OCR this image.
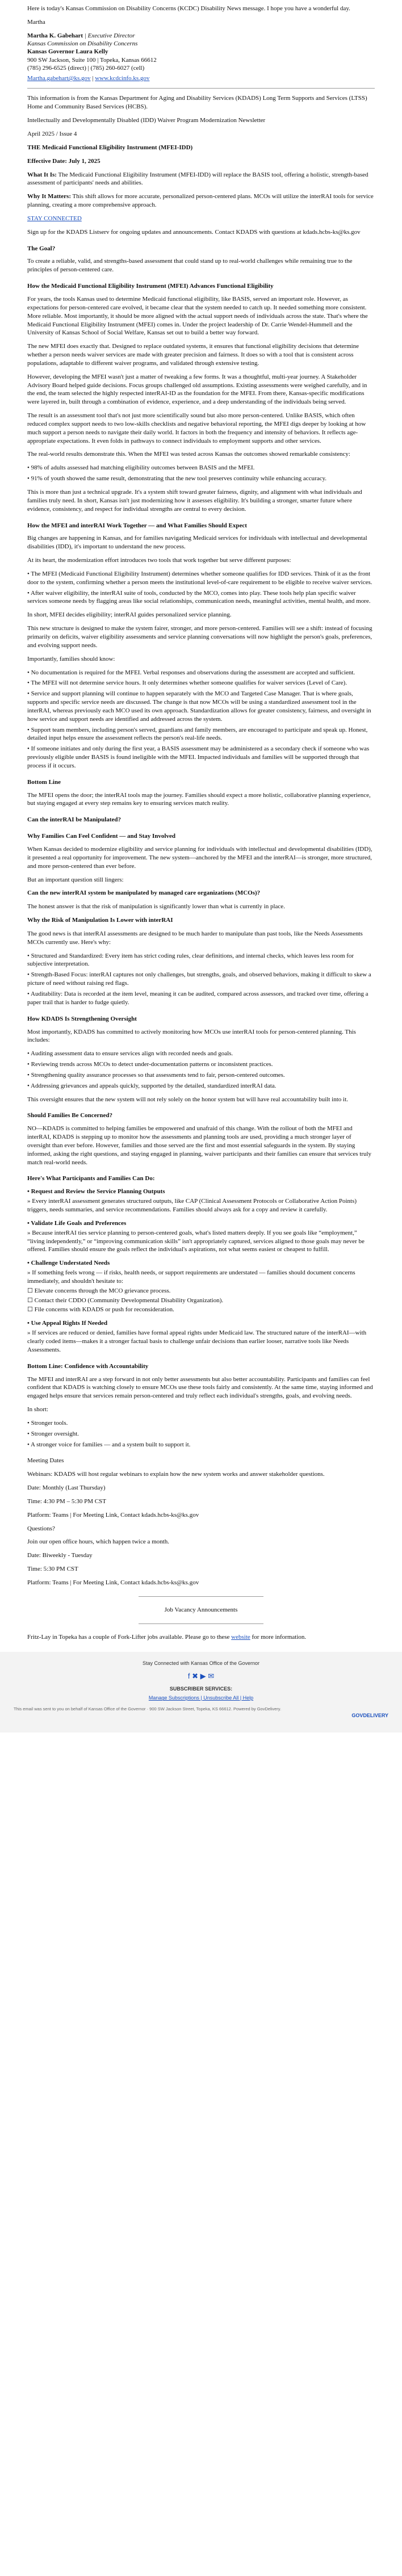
Here is today's Kansas Commission on Disability Concerns (KCDC) Disability News message. I hope you have a wonderful day.

Martha

Martha K. Gabehart | Executive Director

Kansas Commission on Disability Concerns

Kansas Governor Laura Kelly

900 SW Jackson, Suite 100 | Topeka, Kansas 66612

(785) 296-6525 (direct) | (785) 260-6027 (cell)

Martha.gabehart@ks.gov | www.kcdcinfo.ks.gov

This information is from the Kansas Department for Aging and Disability Services (KDADS) Long Term Supports and Services (LTSS) Home and Community Based Services (HCBS).

Intellectually and Developmentally Disabled (IDD) Waiver Program Modernization Newsletter

April 2025 / Issue 4

THE Medicaid Functional Eligibility Instrument (MFEI-IDD)

Effective Date: July 1, 2025

What It Is: The Medicaid Functional Eligibility Instrument (MFEI-IDD) will replace the BASIS tool, offering a holistic, strength-based assessment of participants' needs and abilities.

Why It Matters: This shift allows for more accurate, personalized person-centered plans. MCOs will utilize the interRAI tools for service planning, creating a more comprehensive approach.

STAY CONNECTED

Sign up for the KDADS Listserv for ongoing updates and announcements. Contact KDADS with questions at kdads.hcbs-ks@ks.gov

The Goal?

To create a reliable, valid, and strengths-based assessment that could stand up to real-world challenges while remaining true to the principles of person-centered care.

How the Medicaid Functional Eligibility Instrument (MFEI) Advances Functional Eligibility

For years, the tools Kansas used to determine Medicaid functional eligibility, like BASIS, served an important role. However, as expectations for person-centered care evolved, it became clear that the system needed to catch up. It needed something more consistent. More reliable. Most importantly, it should be more aligned with the actual support needs of individuals across the state. That's where the Medicaid Functional Eligibility Instrument (MFEI) comes in. Under the project leadership of Dr. Carrie Wendel-Hummell and the University of Kansas School of Social Welfare, Kansas set out to build a better way forward.

The new MFEI does exactly that. Designed to replace outdated systems, it ensures that functional eligibility decisions that determine whether a person needs waiver services are made with greater precision and fairness. It does so with a tool that is consistent across populations, adaptable to different waiver programs, and validated through extensive testing.

However, developing the MFEI wasn't just a matter of tweaking a few forms. It was a thoughtful, multi-year journey. A Stakeholder Advisory Board helped guide decisions. Focus groups challenged old assumptions. Existing assessments were weighed carefully, and in the end, the team selected the highly respected interRAI-ID as the foundation for the MFEI. From there, Kansas-specific modifications were layered in, built through a combination of evidence, experience, and a deep understanding of the individuals being served.

The result is an assessment tool that's not just more scientifically sound but also more person-centered. Unlike BASIS, which often reduced complex support needs to two low-skills checklists and negative behavioral reporting, the MFEI digs deeper by looking at how much support a person needs to navigate their daily world. It factors in both the frequency and intensity of behaviors. It reflects age-appropriate expectations. It even folds in pathways to connect individuals to employment supports and other services.

The real-world results demonstrate this. When the MFEI was tested across Kansas the outcomes showed remarkable consistency:

• 98% of adults assessed had matching eligibility outcomes between BASIS and the MFEI.
• 91% of youth showed the same result, demonstrating that the new tool preserves continuity while enhancing accuracy.

This is more than just a technical upgrade. It's a system shift toward greater fairness, dignity, and alignment with what individuals and families truly need. In short, Kansas isn't just modernizing how it assesses eligibility. It's building a stronger, smarter future where evidence, consistency, and respect for individual strengths are central to every decision.

How the MFEI and interRAI Work Together — and What Families Should Expect

Big changes are happening in Kansas, and for families navigating Medicaid services for individuals with intellectual and developmental disabilities (IDD), it's important to understand the new process.

At its heart, the modernization effort introduces two tools that work together but serve different purposes:

• The MFEI (Medicaid Functional Eligibility Instrument) determines whether someone qualifies for IDD services. Think of it as the front door to the system, confirming whether a person meets the institutional level-of-care requirement to be eligible to receive waiver services.
• After waiver eligibility, the interRAI suite of tools, conducted by the MCO, comes into play. These tools help plan specific waiver services someone needs by flagging areas like social relationships, communication needs, meaningful activities, mental health, and more.

In short, MFEI decides eligibility; interRAI guides personalized service planning.

This new structure is designed to make the system fairer, stronger, and more person-centered. Families will see a shift: instead of focusing primarily on deficits, waiver eligibility assessments and service planning conversations will now highlight the person's goals, preferences, and evolving support needs.

Importantly, families should know:

• No documentation is required for the MFEI. Verbal responses and observations during the assessment are accepted and sufficient.
• The MFEI will not determine service hours. It only determines whether someone qualifies for waiver services (Level of Care).
• Service and support planning will continue to happen separately with the MCO and Targeted Case Manager. That is where goals, supports and specific service needs are discussed. The change is that now MCOs will be using a standardized assessment tool in the interRAI, whereas previously each MCO used its own approach. Standardization allows for greater consistency, fairness, and oversight in how service and support needs are identified and addressed across the system.
• Support team members, including person's served, guardians and family members, are encouraged to participate and speak up. Honest, detailed input helps ensure the assessment reflects the person's real-life needs.
• If someone initiates and only during the first year, a BASIS assessment may be administered as a secondary check if someone who was previously eligible under BASIS is found ineligible with the MFEI. Impacted individuals and families will be supported through that process if it occurs.
Bottom Line

The MFEI opens the door; the interRAI tools map the journey. Families should expect a more holistic, collaborative planning experience, but staying engaged at every step remains key to ensuring services match reality.

Can the interRAI be Manipulated?
Why Families Can Feel Confident — and Stay Involved

When Kansas decided to modernize eligibility and service planning for individuals with intellectual and developmental disabilities (IDD), it presented a real opportunity for improvement. The new system—anchored by the MFEI and the interRAI—is stronger, more structured, and more person-centered than ever before.

But an important question still lingers:

Can the new interRAI system be manipulated by managed care organizations (MCOs)?

The honest answer is that the risk of manipulation is significantly lower than what is currently in place.

Why the Risk of Manipulation Is Lower with interRAI

The good news is that interRAI assessments are designed to be much harder to manipulate than past tools, like the Needs Assessments MCOs currently use. Here's why:

• Structured and Standardized: Every item has strict coding rules, clear definitions, and internal checks, which leaves less room for subjective interpretation.
• Strength-Based Focus: interRAI captures not only challenges, but strengths, goals, and observed behaviors, making it difficult to skew a picture of need without raising red flags.
• Auditability: Data is recorded at the item level, meaning it can be audited, compared across assessors, and tracked over time, offering a paper trail that is harder to fudge quietly.
How KDADS Is Strengthening Oversight

Most importantly, KDADS has committed to actively monitoring how MCOs use interRAI tools for person-centered planning. This includes:

• Auditing assessment data to ensure services align with recorded needs and goals.
• Reviewing trends across MCOs to detect under-documentation patterns or inconsistent practices.
• Strengthening quality assurance processes so that assessments tend to fair, person-centered outcomes.
• Addressing grievances and appeals quickly, supported by the detailed, standardized interRAI data.

This oversight ensures that the new system will not rely solely on the honor system but will have real accountability built into it.

Should Families Be Concerned?

NO—KDADS is committed to helping families be empowered and unafraid of this change. With the rollout of both the MFEI and interRAI, KDADS is stepping up to monitor how the assessments and planning tools are used, providing a much stronger layer of oversight than ever before. However, families and those served are the first and most essential safeguards in the system. By staying informed, asking the right questions, and staying engaged in planning, waiver participants and their families can ensure that services truly match real-world needs.

Here's What Participants and Families Can Do:

• Request and Review the Service Planning Outputs

» Every interRAI assessment generates structured outputs, like CAP (Clinical Assessment Protocols or Collaborative Action Points) triggers, needs summaries, and service recommendations. Families should always ask for a copy and review it carefully.

• Validate Life Goals and Preferences

» Because interRAI ties service planning to person-centered goals, what's listed matters deeply. If you see goals like “employment,” “living independently,” or “improving communication skills” isn't appropriately captured, services aligned to those goals may never be offered. Families should ensure the goals reflect the individual's aspirations, not what seems easiest or cheapest to fulfill.

• Challenge Understated Needs

» If something feels wrong — if risks, health needs, or support requirements are understated — families should document concerns immediately, and shouldn't hesitate to:

☐ Elevate concerns through the MCO grievance process.

☐ Contact their CDDO (Community Developmental Disability Organization).

☐ File concerns with KDADS or push for reconsideration.

• Use Appeal Rights If Needed

» If services are reduced or denied, families have formal appeal rights under Medicaid law. The structured nature of the interRAI—with clearly coded items—makes it a stronger factual basis to challenge unfair decisions than earlier looser, narrative tools like Needs Assessments.

Bottom Line: Confidence with Accountability

The MFEI and interRAI are a step forward in not only better assessments but also better accountability. Participants and families can feel confident that KDADS is watching closely to ensure MCOs use these tools fairly and consistently. At the same time, staying informed and engaged helps ensure that services remain person-centered and truly reflect each individual's strengths, goals, and evolving needs.

In short:

• Stronger tools.
• Stronger oversight.
• A stronger voice for families — and a system built to support it.

Meeting Dates

Webinars: KDADS will host regular webinars to explain how the new system works and answer stakeholder questions.

Date: Monthly (Last Thursday)

Time: 4:30 PM – 5:30 PM CST

Platform: Teams | For Meeting Link, Contact kdads.hcbs-ks@ks.gov

Questions?

Join our open office hours, which happen twice a month.

Date: Biweekly - Tuesday

Time: 5:30 PM CST

Platform: Teams | For Meeting Link, Contact kdads.hcbs-ks@ks.gov

Job Vacancy Announcements

Fritz-Lay in Topeka has a couple of Fork-Lifter jobs available. Please go to these website for more information.

Stay Connected with Kansas Office of the Governor
f ✖ ▶ ✉
SUBSCRIBER SERVICES:
Manage Subscriptions | Unsubscribe All | Help
This email was sent to you on behalf of Kansas Office of the Governor · 900 SW Jackson Street, Topeka, KS 66612. Powered by GovDelivery.
GOVDELIVERY
